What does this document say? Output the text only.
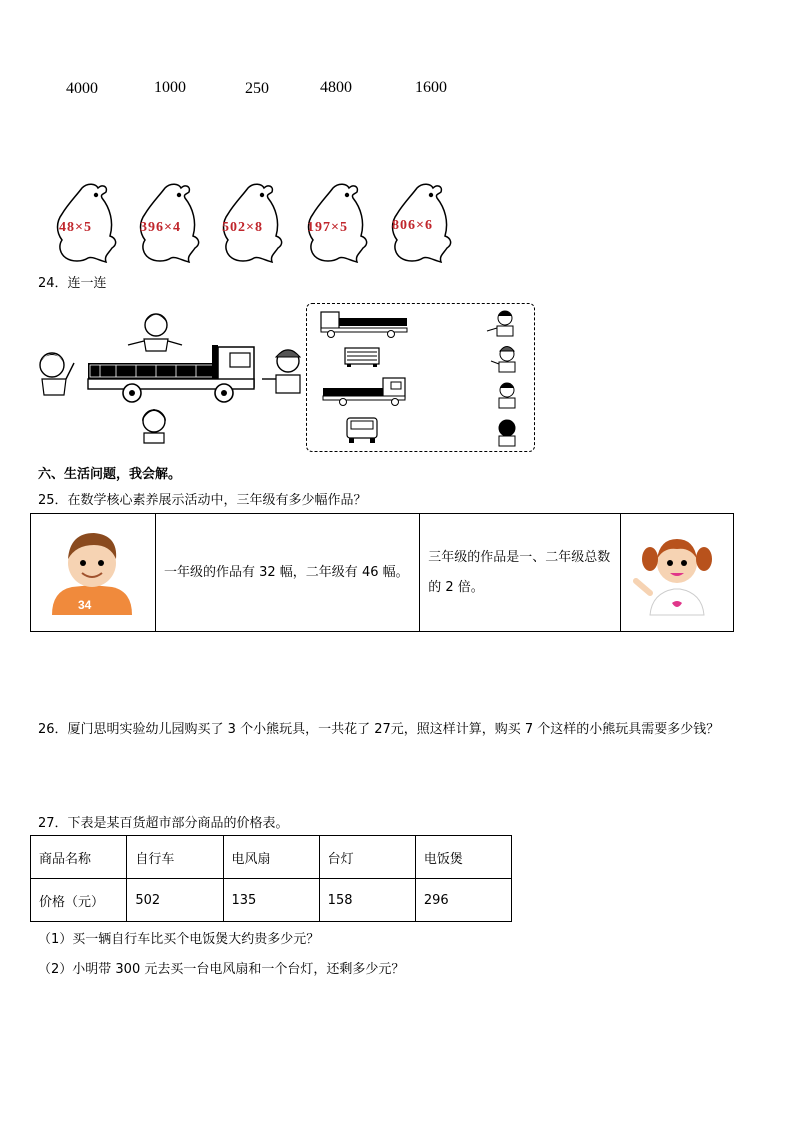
4000	1000	250	4800	1600
48×5	396×4	502×8	197×5	806×6
24．连一连
六、生活问题，我会解。
25．在数学核心素养展示活动中，三年级有多少幅作品？
34
	一年级的作品有 32 幅，二年级有 46 幅。	三年级的作品是一、二年级总数的 2 倍。	
26．厦门思明实验幼儿园购买了 3 个小熊玩具，一共花了 27元，照这样计算，购买 7 个这样的小熊玩具需要多少钱？
27．下表是某百货超市部分商品的价格表。
商品名称	自行车	电风扇	台灯	电饭煲
价格（元）	502	135	158	296
（1）买一辆自行车比买个电饭煲大约贵多少元？
（2）小明带 300 元去买一台电风扇和一个台灯，还剩多少元？
